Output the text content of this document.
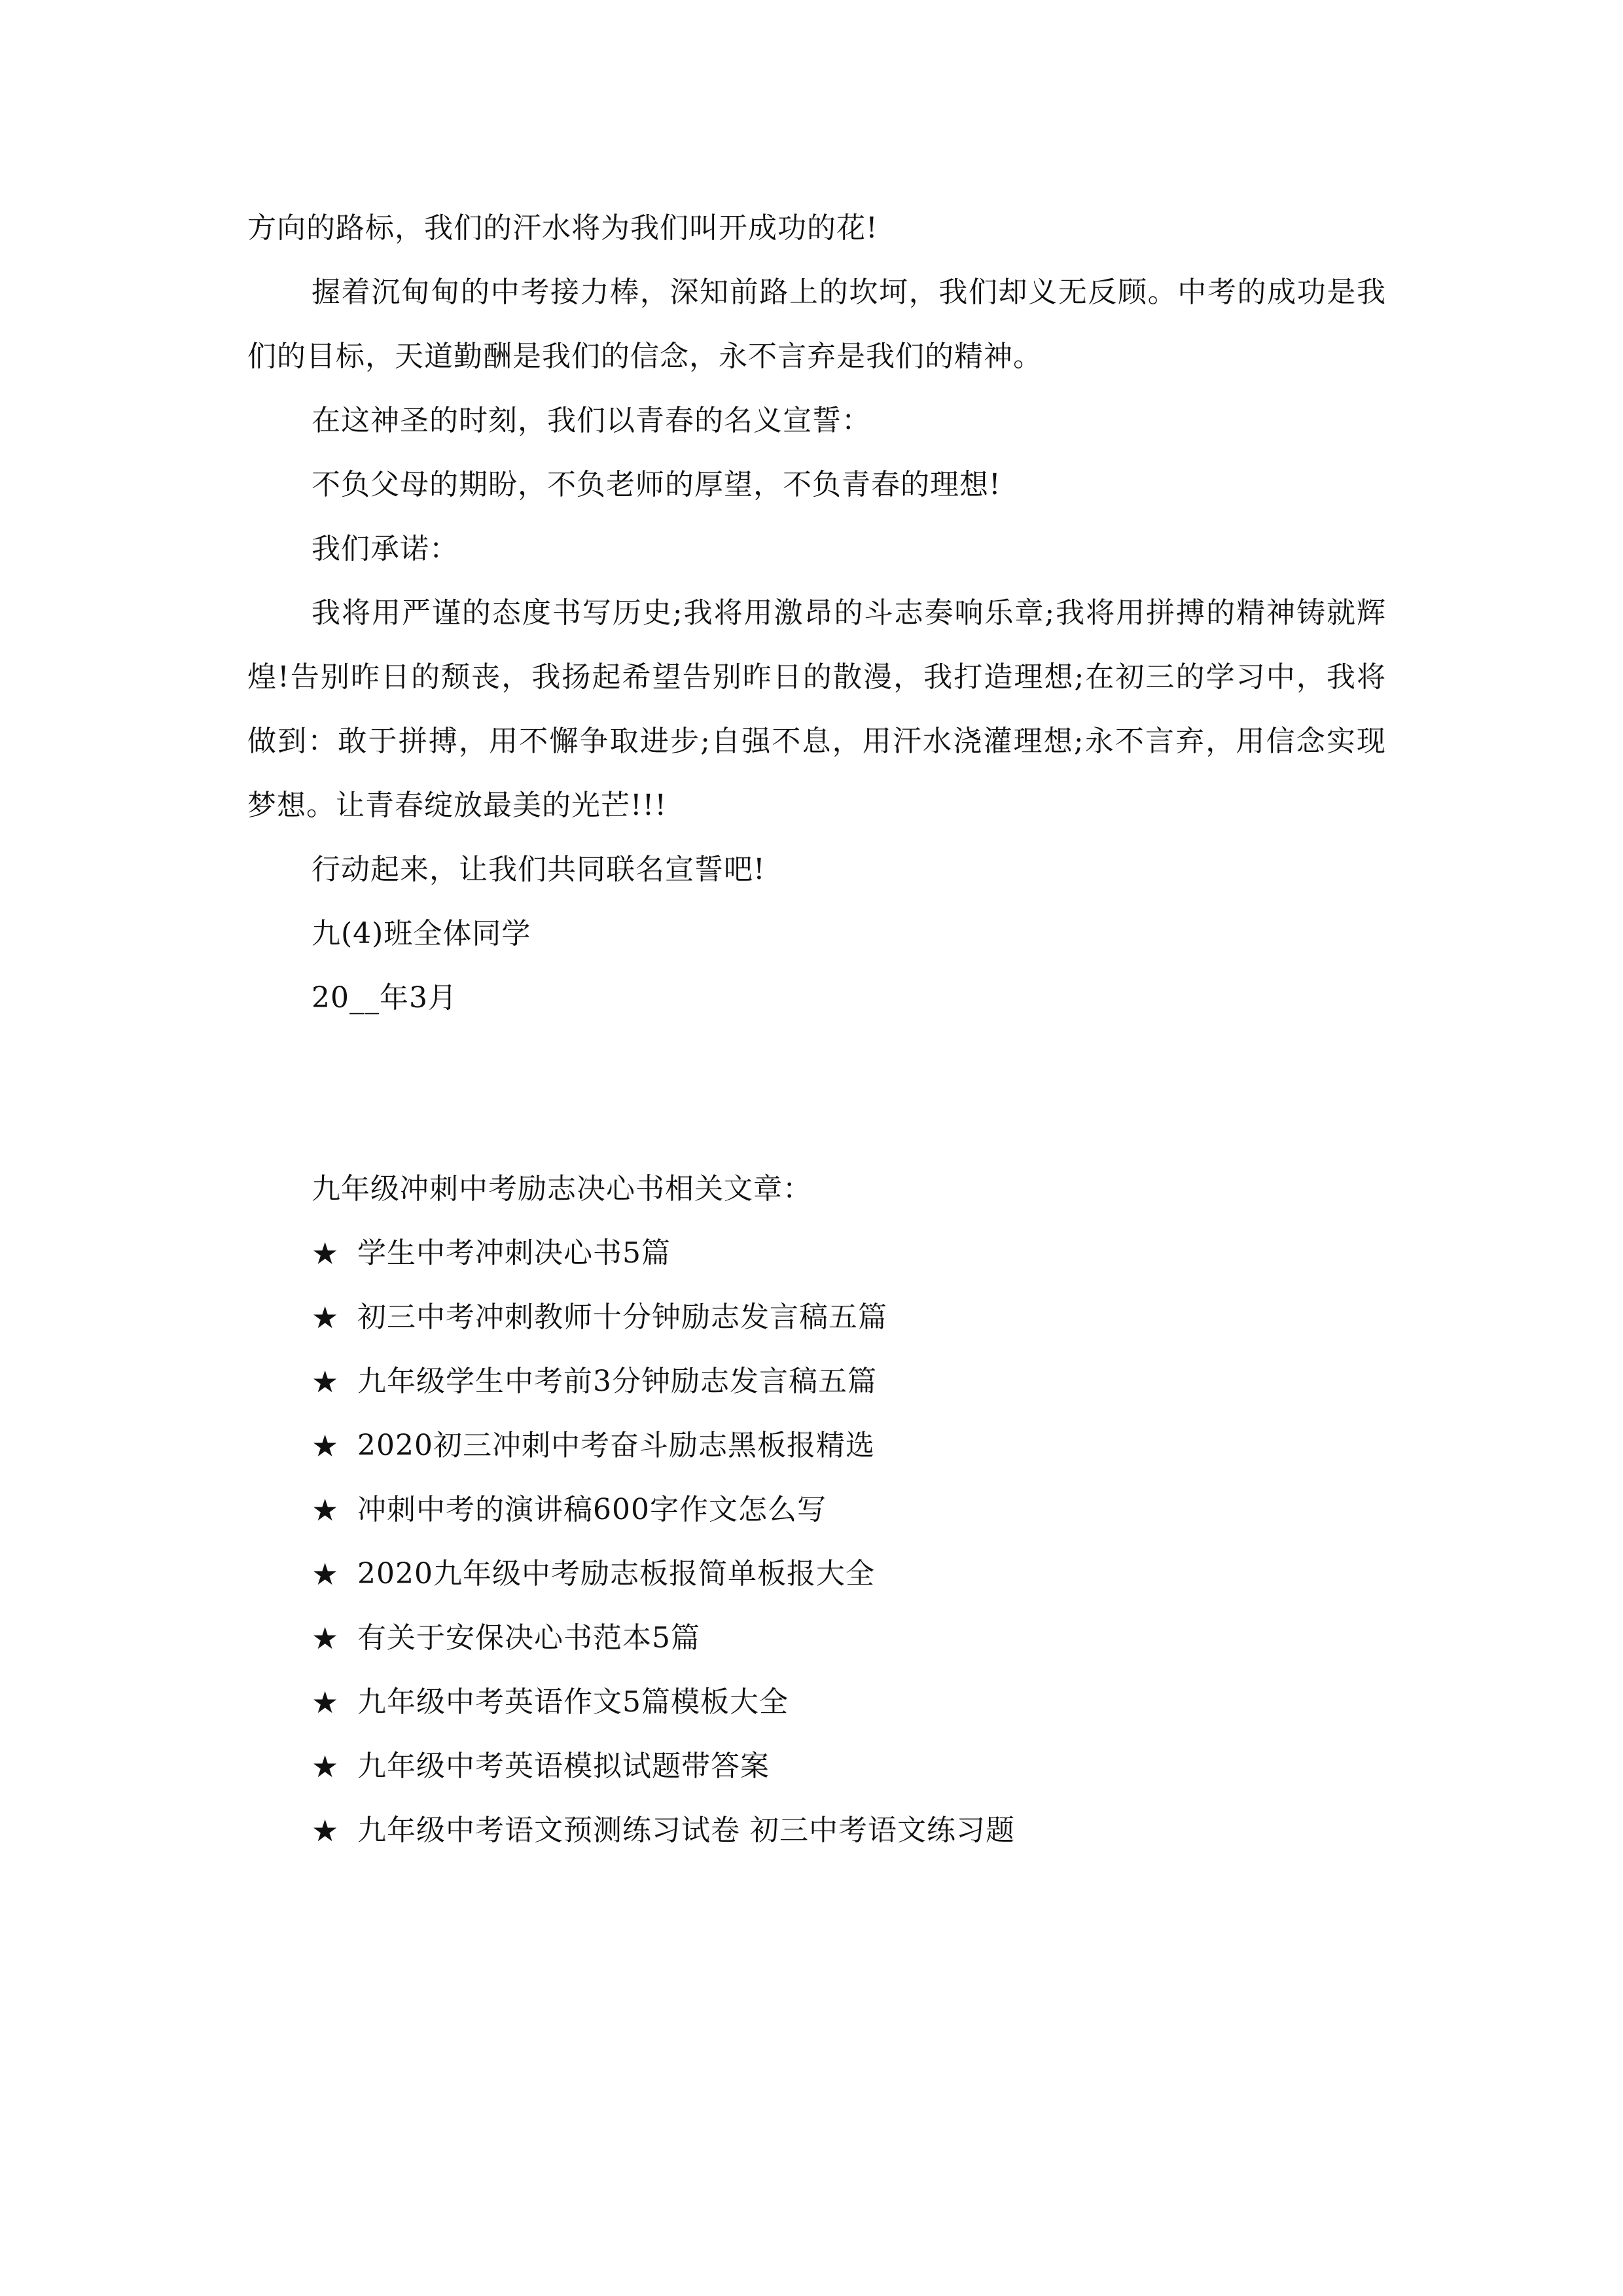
方向的路标，我们的汗水将为我们叫开成功的花!

握着沉甸甸的中考接力棒，深知前路上的坎坷，我们却义无反顾。中考的成功是我们的目标，天道勤酬是我们的信念，永不言弃是我们的精神。

在这神圣的时刻，我们以青春的名义宣誓：

不负父母的期盼，不负老师的厚望，不负青春的理想!

我们承诺：

我将用严谨的态度书写历史;我将用激昂的斗志奏响乐章;我将用拼搏的精神铸就辉煌!告别昨日的颓丧，我扬起希望告别昨日的散漫，我打造理想;在初三的学习中，我将做到：敢于拼搏，用不懈争取进步;自强不息，用汗水浇灌理想;永不言弃，用信念实现梦想。让青春绽放最美的光芒!!!

行动起来，让我们共同联名宣誓吧!

九(4)班全体同学

20__年3月

九年级冲刺中考励志决心书相关文章：

★ 学生中考冲刺决心书5篇
★ 初三中考冲刺教师十分钟励志发言稿五篇
★ 九年级学生中考前3分钟励志发言稿五篇
★ 2020初三冲刺中考奋斗励志黑板报精选
★ 冲刺中考的演讲稿600字作文怎么写
★ 2020九年级中考励志板报简单板报大全
★ 有关于安保决心书范本5篇
★ 九年级中考英语作文5篇模板大全
★ 九年级中考英语模拟试题带答案
★ 九年级中考语文预测练习试卷 初三中考语文练习题
